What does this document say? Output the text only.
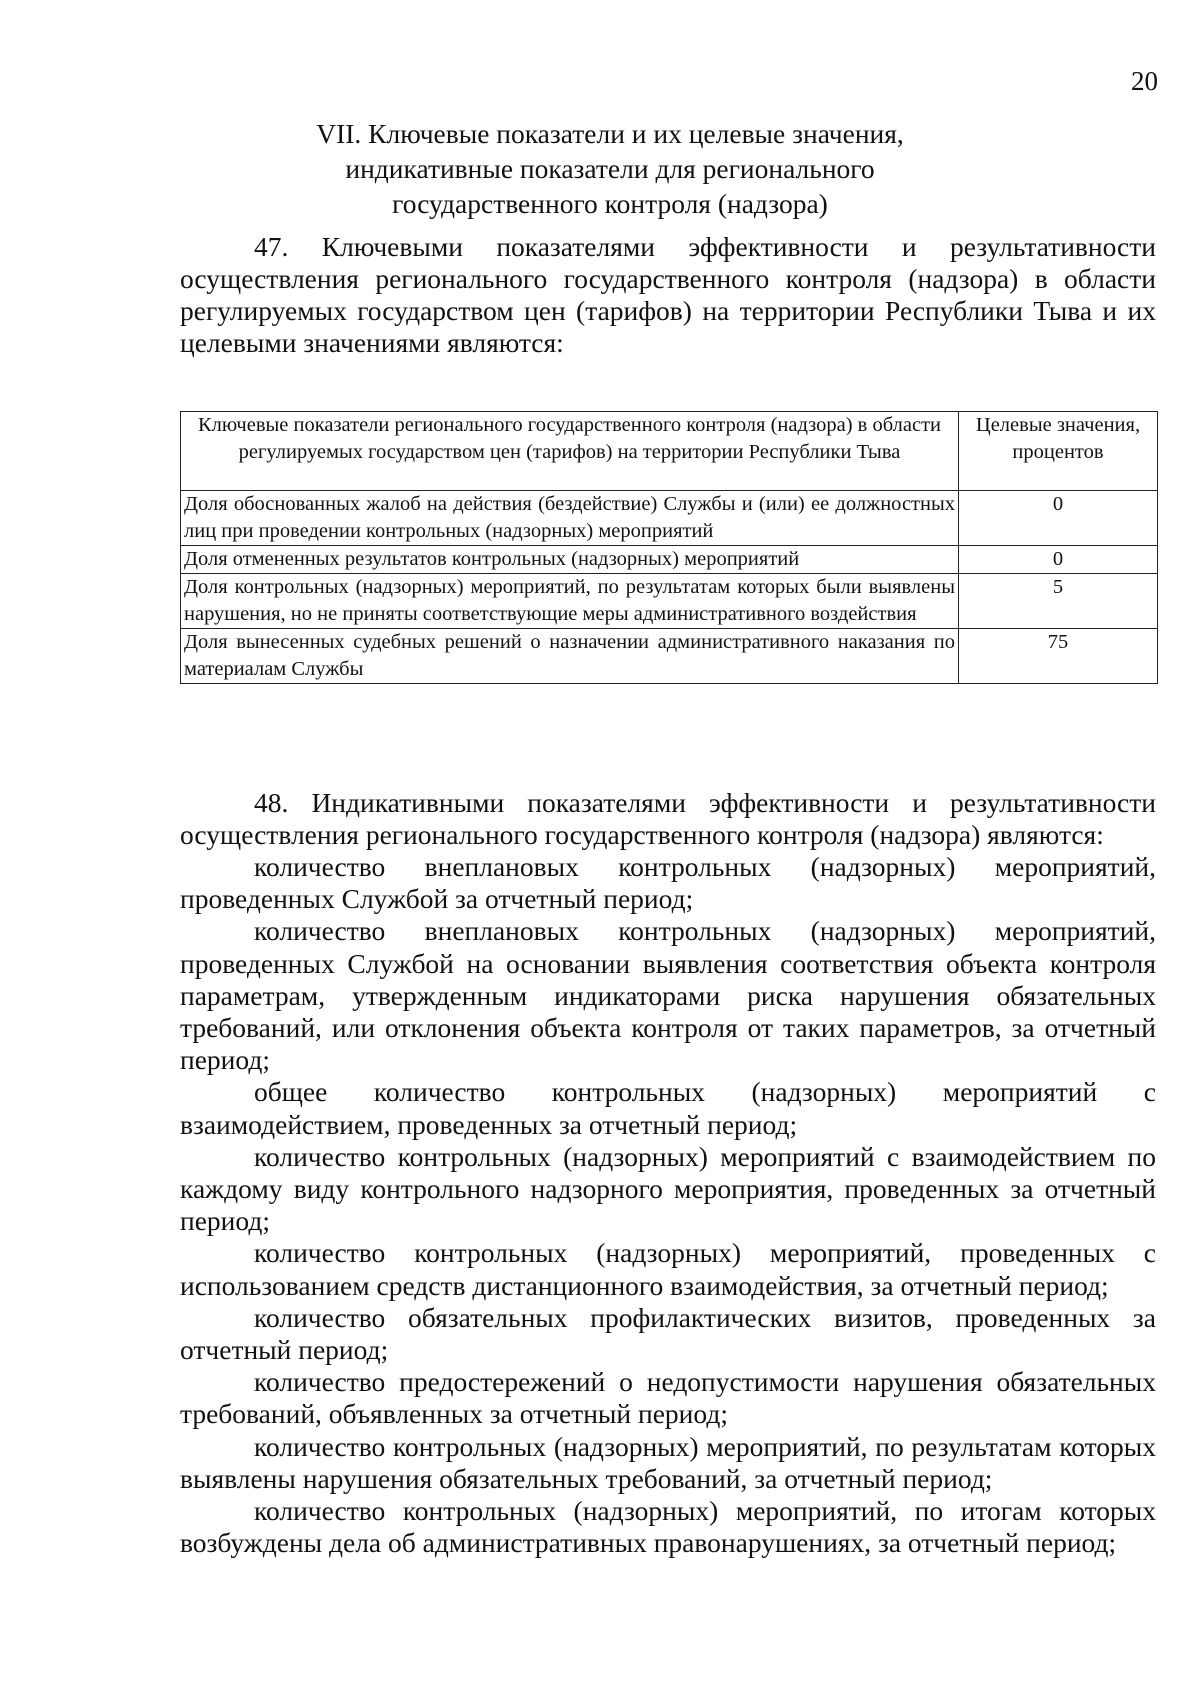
20
VII. Ключевые показатели и их целевые значения,
индикативные показатели для регионального
государственного контроля (надзора)

47. Ключевыми показателями эффективности и результативности осуществления регионального государственного контроля (надзора) в области регулируемых государством цен (тарифов) на территории Республики Тыва и их целевыми значениями являются:

Ключевые показатели регионального государственного контроля (надзора) в области регулируемых государством цен (тарифов) на территории Республики Тыва	Целевые значения, процентов
Доля обоснованных жалоб на действия (бездействие) Службы и (или) ее должностных лиц при проведении контрольных (надзорных) мероприятий	0
Доля отмененных результатов контрольных (надзорных) мероприятий	0
Доля контрольных (надзорных) мероприятий, по результатам которых были выявлены нарушения, но не приняты соответствующие меры административного воздействия	5
Доля вынесенных судебных решений о назначении административного наказания по материалам Службы	75

48. Индикативными показателями эффективности и результативности осуществления регионального государственного контроля (надзора) являются:

количество внеплановых контрольных (надзорных) мероприятий, проведенных Службой за отчетный период;
количество внеплановых контрольных (надзорных) мероприятий, проведенных Службой на основании выявления соответствия объекта контроля параметрам, утвержденным индикаторами риска нарушения обязательных требований, или отклонения объекта контроля от таких параметров, за отчетный период;
общее количество контрольных (надзорных) мероприятий с взаимодействием, проведенных за отчетный период;
количество контрольных (надзорных) мероприятий с взаимодействием по каждому виду контрольного надзорного мероприятия, проведенных за отчетный период;
количество контрольных (надзорных) мероприятий, проведенных с использованием средств дистанционного взаимодействия, за отчетный период;
количество обязательных профилактических визитов, проведенных за отчетный период;
количество предостережений о недопустимости нарушения обязательных требований, объявленных за отчетный период;
количество контрольных (надзорных) мероприятий, по результатам которых выявлены нарушения обязательных требований, за отчетный период;
количество контрольных (надзорных) мероприятий, по итогам которых возбуждены дела об административных правонарушениях, за отчетный период;
